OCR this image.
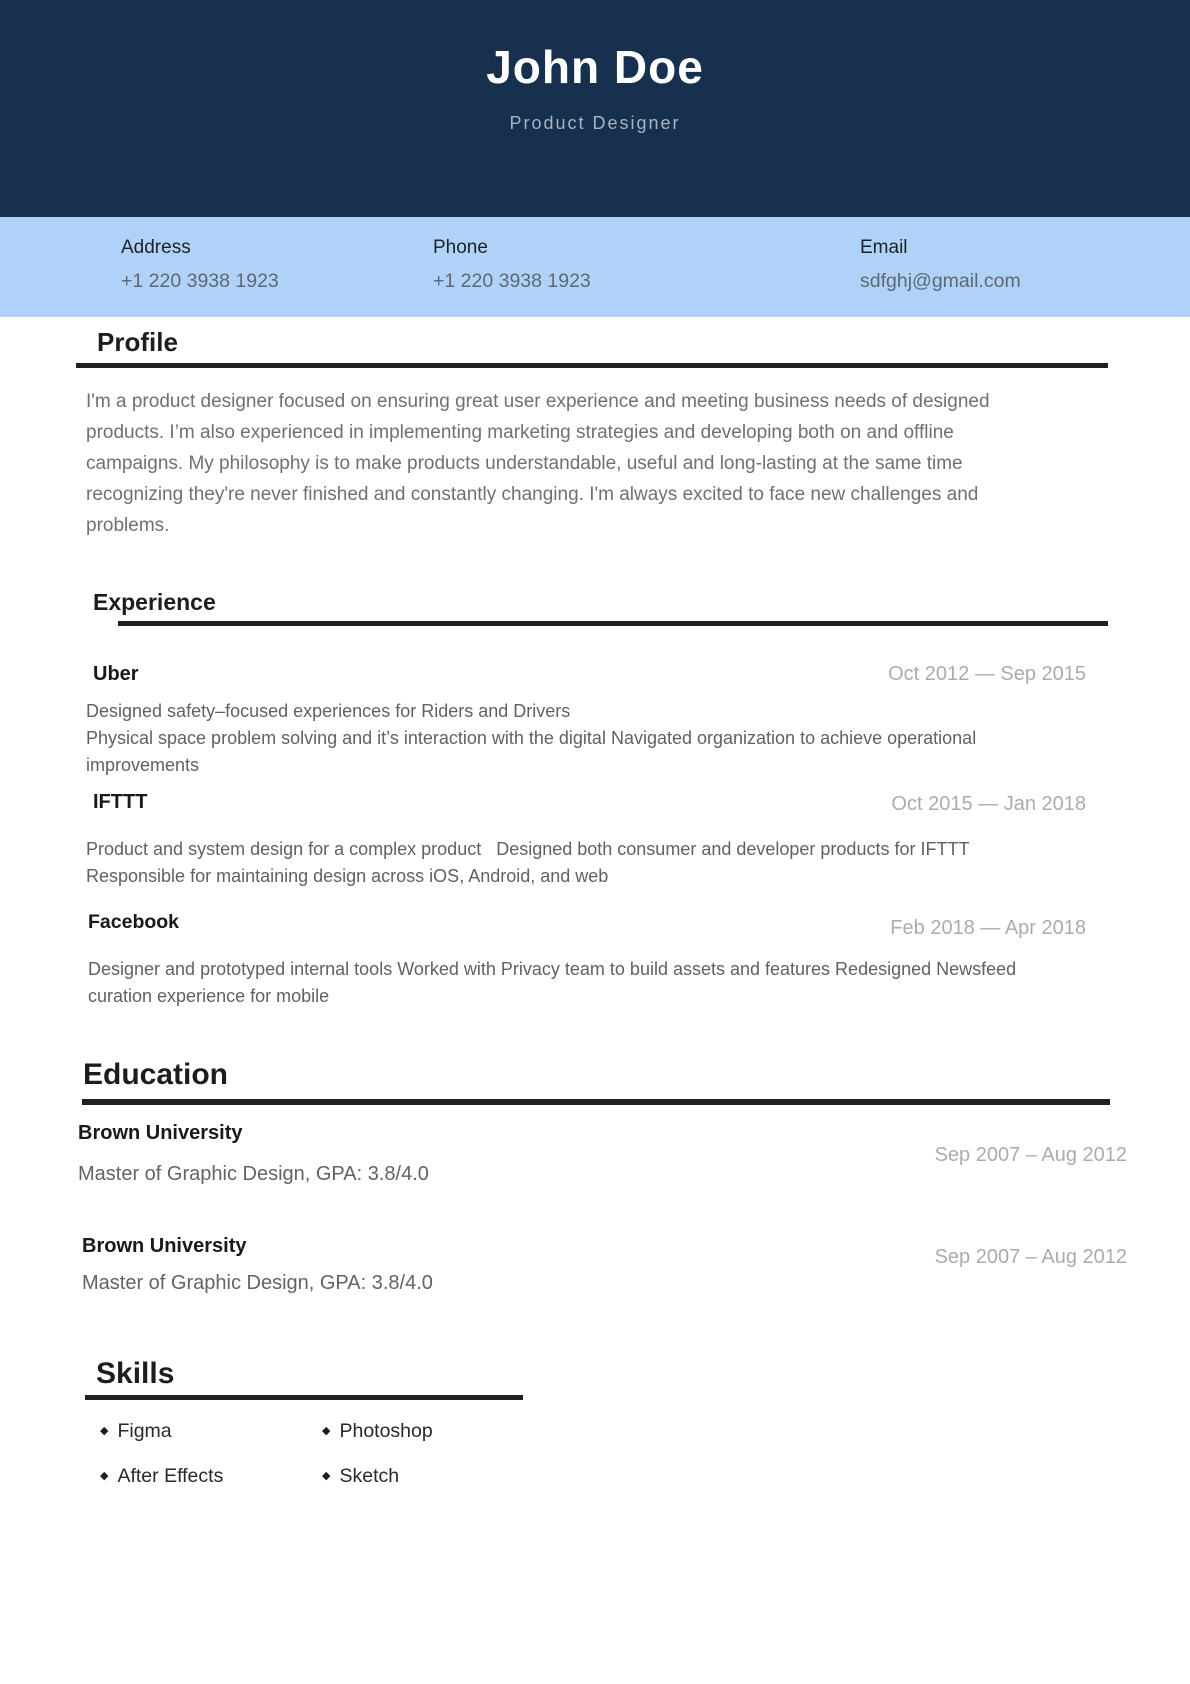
John Doe
Product Designer
Address
+1 220 3938 1923
Phone
+1 220 3938 1923
Email
sdfghj@gmail.com
Profile
I'm a product designer focused on ensuring great user experience and meeting business needs of designed products. I’m also experienced in implementing marketing strategies and developing both on and offline campaigns. My philosophy is to make products understandable, useful and long-lasting at the same time recognizing they're never finished and constantly changing. I'm always excited to face new challenges and problems.
Experience
Uber	Oct 2012 — Sep 2015

Designed safety–focused experiences for Riders and Drivers

Physical space problem solving and it’s interaction with the digital Navigated organization to achieve operational improvements

IFTTT	Oct 2015 — Jan 2018

Product and system design for a complex product   Designed both consumer and developer products for IFTTT

Responsible for maintaining design across iOS, Android, and web

Facebook	Feb 2018 — Apr 2018

Designer and prototyped internal tools Worked with Privacy team to build assets and features Redesigned Newsfeed curation experience for mobile

Education
Brown University
Sep 2007 – Aug 2012
Master of Graphic Design, GPA: 3.8/4.0
Brown University	Sep 2007 – Aug 2012
Master of Graphic Design, GPA: 3.8/4.0
Skills
◆ Figma	◆ Photoshop
◆ After Effects	◆ Sketch
